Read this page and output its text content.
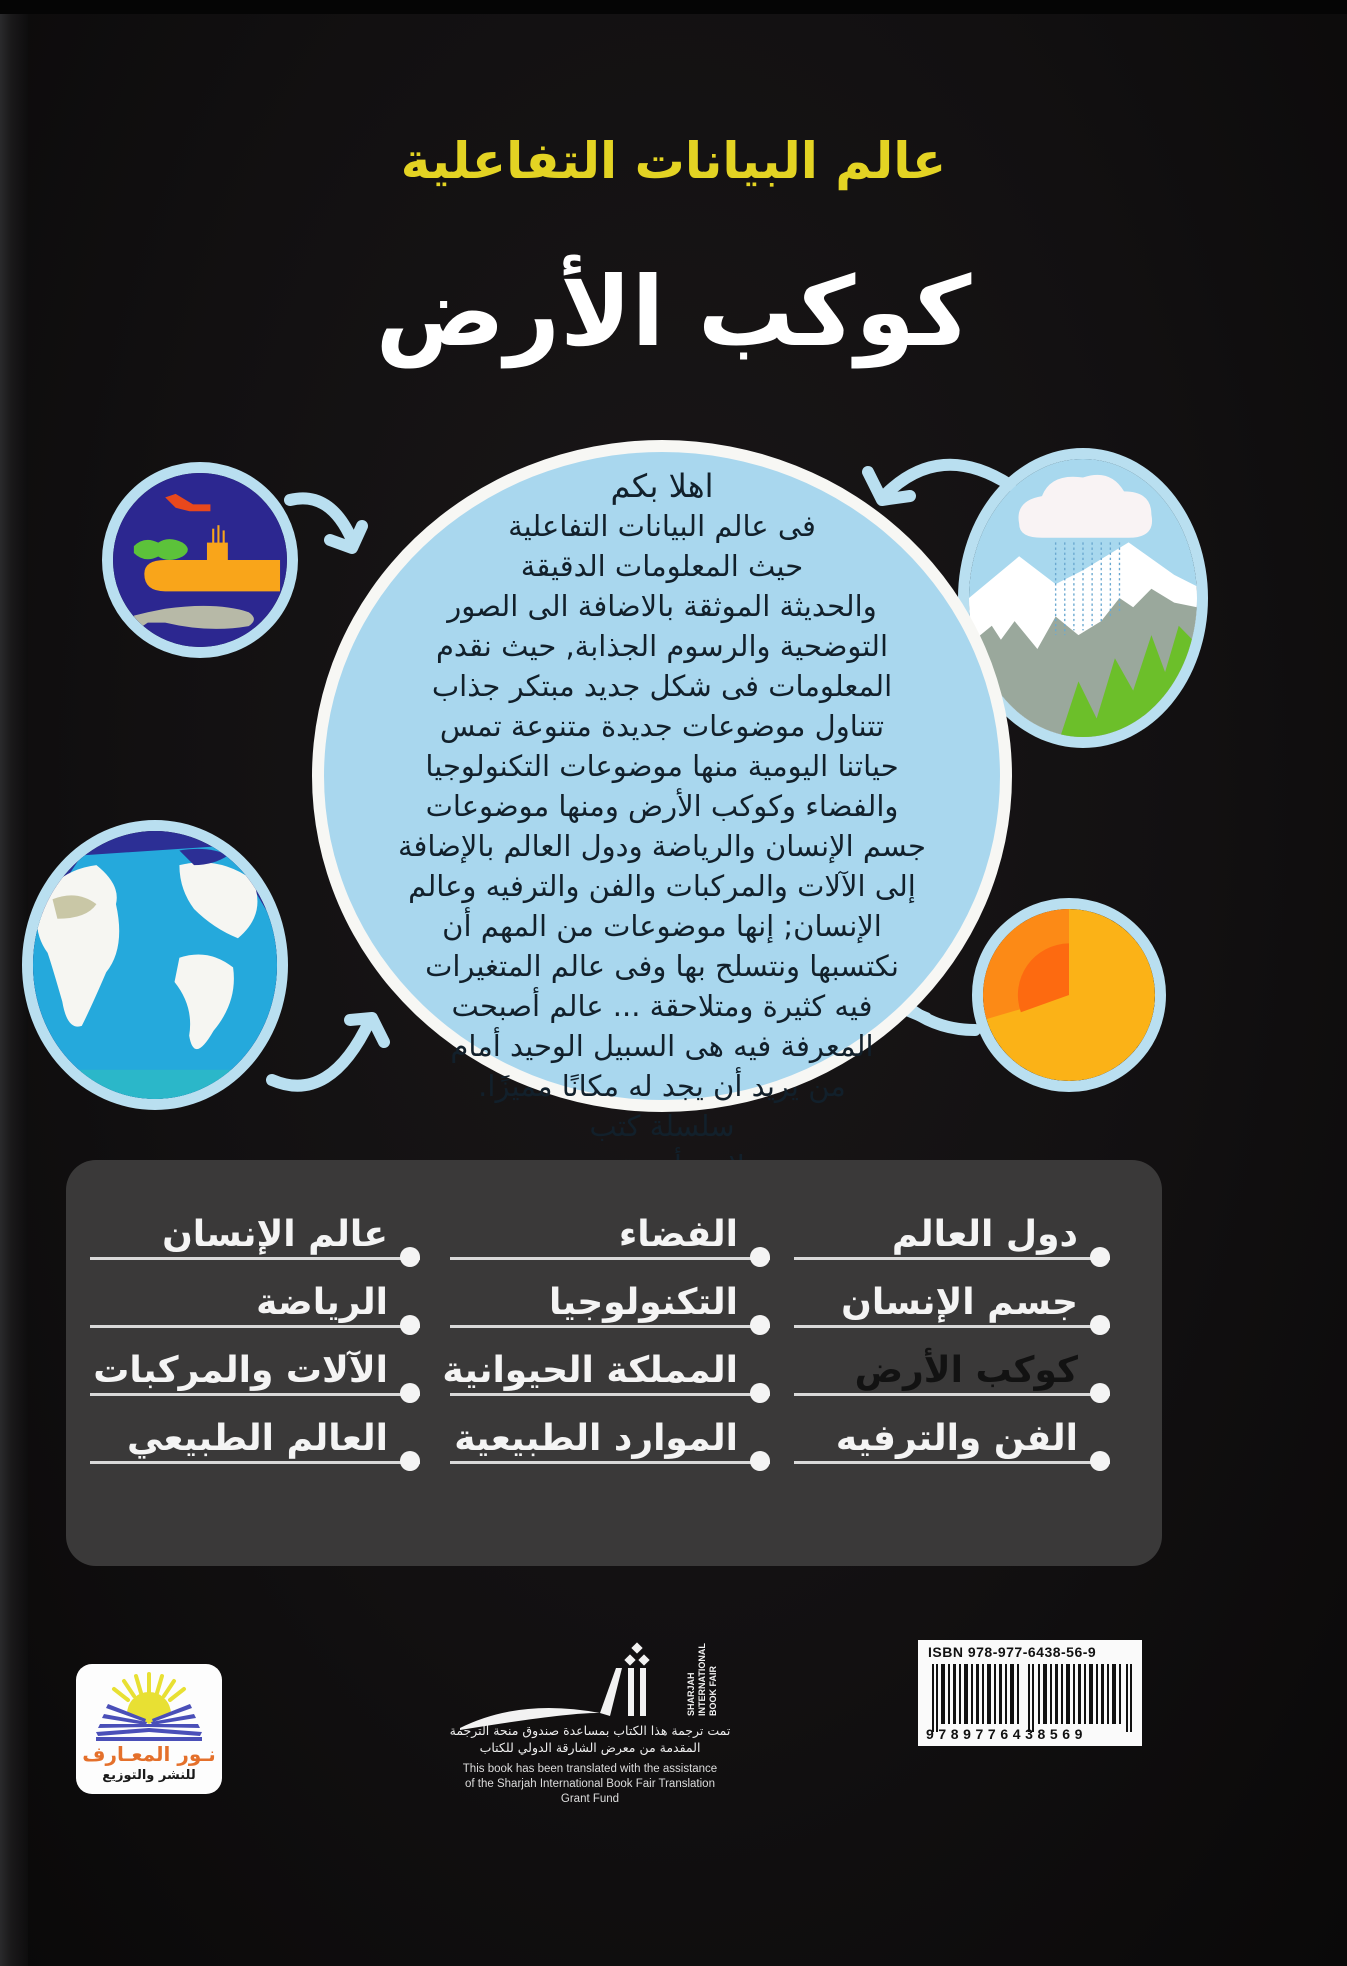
عالم البيانات التفاعلية
كوكب الأرض
اهلا بكم
فى عالم البيانات التفاعلية
حيث المعلومات الدقيقة
والحديثة الموثقة بالاضافة الى الصور
التوضحية والرسوم الجذابة, حيث نقدم
المعلومات فى شكل جديد مبتكر جذاب
تتناول موضوعات جديدة متنوعة تمس
حياتنا اليومية منها موضوعات التكنولوجيا
والفضاء وكوكب الأرض ومنها موضوعات
جسم الإنسان والرياضة ودول العالم بالإضافة
إلى الآلات والمركبات والفن والترفيه وعالم
الإنسان; إنها موضوعات من المهم أن
نكتسبها ونتسلح بها وفى عالم المتغيرات
فيه كثيرة ومتلاحقة ... عالم أصبحت
المعرفة فيه هى السبيل الوحيد أمام
من يريد أن يجد له مكانًا مميزًا.
سلسلة كتب
دول العالم
جسم الإنسان
كوكب الأرض
الفن والترفيه
الفضاء
التكنولوجيا
المملكة الحيوانية
الموارد الطبيعية
عالم الإنسان
الرياضة
الآلات والمركبات
العالم الطبيعي
SHARJAH INTERNATIONAL BOOK FAIR
تمت ترجمة هذا الكتاب بمساعدة صندوق منحة الترجمة
المقدمة من معرض الشارقة الدولي للكتاب
This book has been translated with the assistance
of the Sharjah International Book Fair Translation
Grant Fund
ISBN 978-977-6438-56-9
9789776438569
نـور المعـارف
للنشر والتوزيع
